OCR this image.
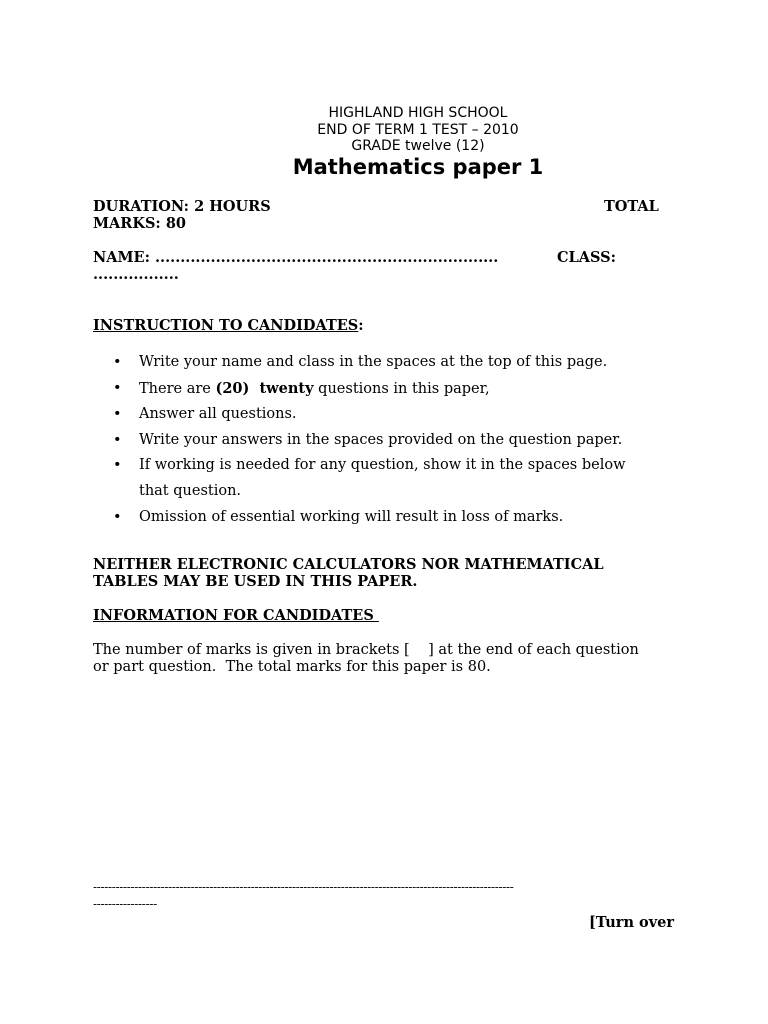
HIGHLAND HIGH SCHOOL
END OF TERM 1 TEST – 2010
GRADE twelve (12)
Mathematics paper 1
DURATION: 2 HOURS	TOTAL
MARKS: 80
NAME: ....................................................................	CLASS:
.................
INSTRUCTION TO CANDIDATES:
• Write your name and class in the spaces at the top of this page.
• There are (20)  twenty questions in this paper,
• Answer all questions.
• Write your answers in the spaces provided on the question paper.
• If working is needed for any question, show it in the spaces below
that question.
• Omission of essential working will result in loss of marks.
NEITHER ELECTRONIC CALCULATORS NOR MATHEMATICAL
TABLES MAY BE USED IN THIS PAPER.
INFORMATION FOR CANDIDATES
The number of marks is given in brackets [    ] at the end of each question
or part question.  The total marks for this paper is 80.
----------------------------------------------------------------------------------------------------------------
-----------------
[Turn over
